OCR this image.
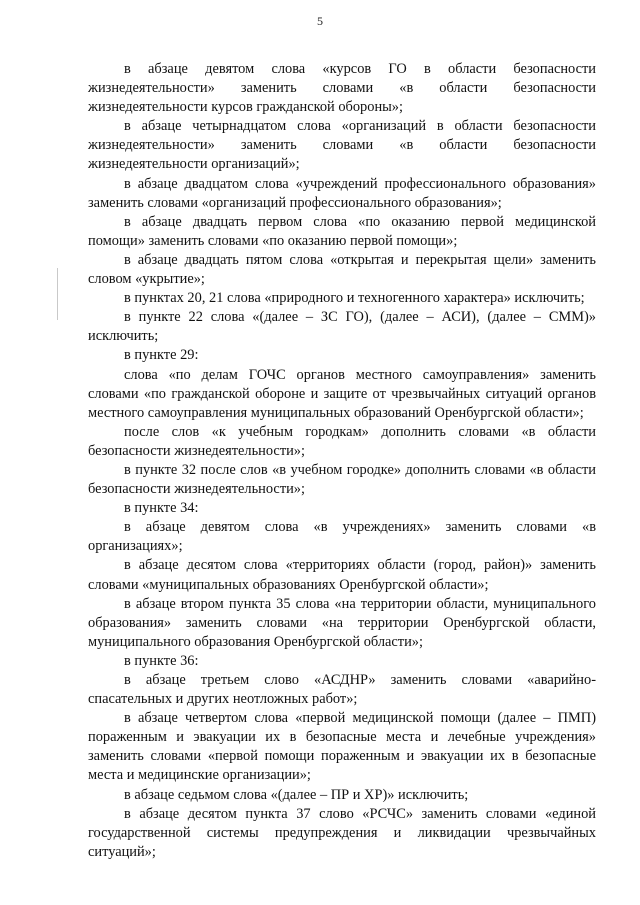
5

в абзаце девятом слова «курсов ГО в области безопасности жизнедеятельности» заменить словами «в области безопасности жизнедеятельности курсов гражданской обороны»;

в абзаце четырнадцатом слова «организаций в области безопасности жизнедеятельности» заменить словами «в области безопасности жизнедеятельности организаций»;

в абзаце двадцатом слова «учреждений профессионального образования» заменить словами «организаций профессионального образования»;

в абзаце двадцать первом слова «по оказанию первой медицинской помощи» заменить словами «по оказанию первой помощи»;

в абзаце двадцать пятом слова «открытая и перекрытая щели» заменить словом «укрытие»;

в пунктах 20, 21 слова «природного и техногенного характера» исключить;

в пункте 22 слова «(далее – ЗС ГО), (далее – АСИ), (далее – СММ)» исключить;

в пункте 29:

слова «по делам ГОЧС органов местного самоуправления» заменить словами «по гражданской обороне и защите от чрезвычайных ситуаций органов местного самоуправления муниципальных образований Оренбургской области»;

после слов «к учебным городкам» дополнить словами «в области безопасности жизнедеятельности»;

в пункте 32 после слов «в учебном городке» дополнить словами «в области безопасности жизнедеятельности»;

в пункте 34:

в абзаце девятом слова «в учреждениях» заменить словами «в организациях»;

в абзаце десятом слова «территориях области (город, район)» заменить словами «муниципальных образованиях Оренбургской области»;

в абзаце втором пункта 35 слова «на территории области, муниципального образования» заменить словами «на территории Оренбургской области, муниципального образования Оренбургской области»;

в пункте 36:

в абзаце третьем слово «АСДНР» заменить словами «аварийно-спасательных и других неотложных работ»;

в абзаце четвертом слова «первой медицинской помощи (далее – ПМП) пораженным и эвакуации их в безопасные места и лечебные учреждения» заменить словами «первой помощи пораженным и эвакуации их в безопасные места и медицинские организации»;

в абзаце седьмом слова «(далее – ПР и ХР)» исключить;

в абзаце десятом пункта 37 слово «РСЧС» заменить словами «единой государственной системы предупреждения и ликвидации чрезвычайных ситуаций»;
